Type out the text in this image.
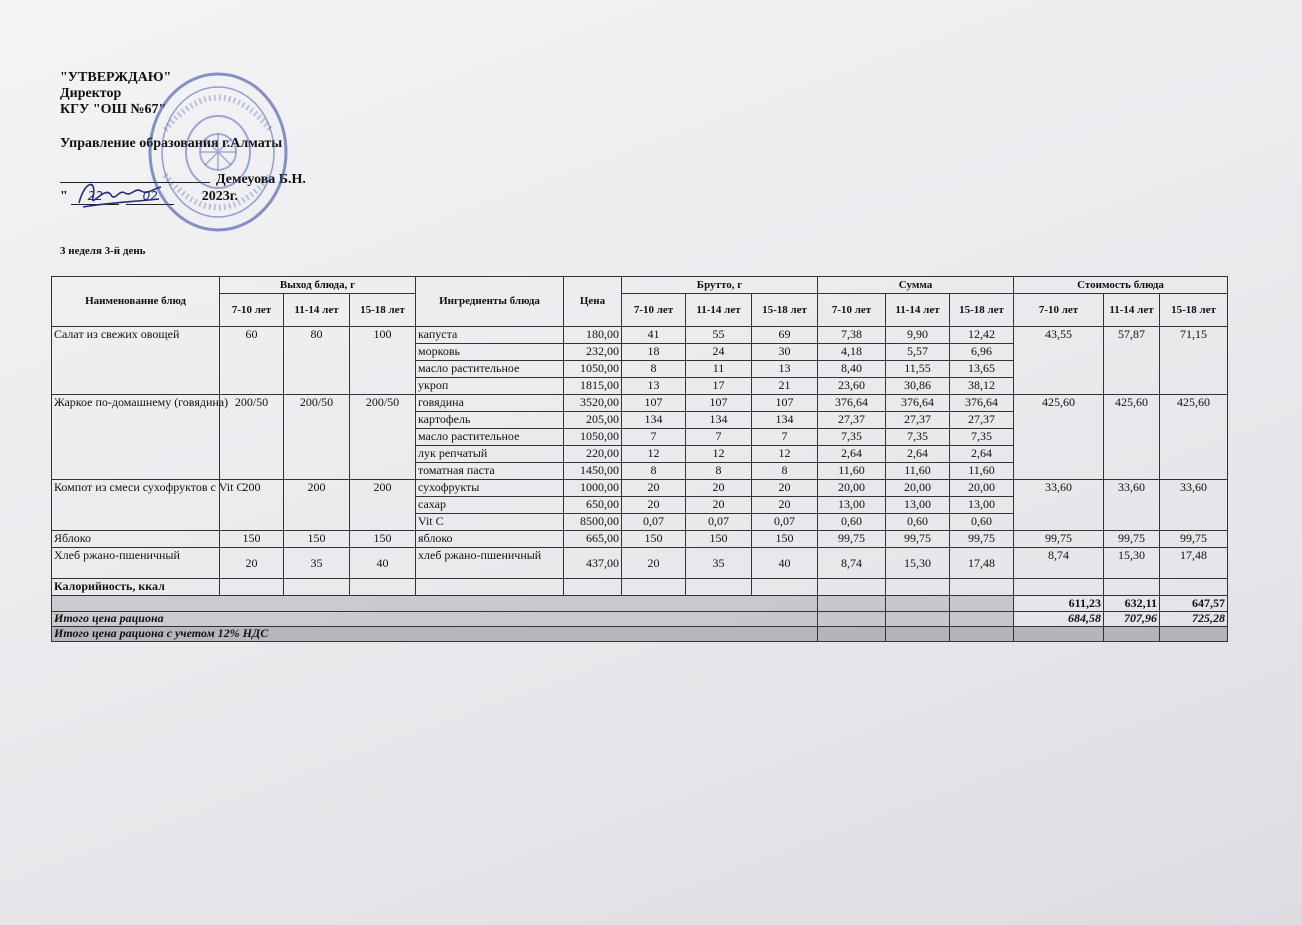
"УТВЕРЖДАЮ"
Директор
КГУ "ОШ №67"
Управление образования г.Алматы
Демеуова Б.Н.
"
	22
	02
	2023г.
3 неделя 3-й день
Наименование блюд	Выход блюда, г			Ингредиенты блюда	Цена	Брутто, г			Сумма			Стоимость блюда		
	7-10 лет	11-14 лет	15-18 лет			7-10 лет	11-14 лет	15-18 лет	7-10 лет	11-14 лет	15-18 лет	7-10 лет	11-14 лет	15-18 лет
Салат из свежих овощей	60	80	100	капуста	180,00	41	55	69	7,38	9,90	12,42	43,55	57,87	71,15
				морковь	232,00	18	24	30	4,18	5,57	6,96			
				масло растительное	1050,00	8	11	13	8,40	11,55	13,65			
				укроп	1815,00	13	17	21	23,60	30,86	38,12			
Жаркое по-домашнему (говядина)	200/50	200/50	200/50	говядина	3520,00	107	107	107	376,64	376,64	376,64	425,60	425,60	425,60
				картофель	205,00	134	134	134	27,37	27,37	27,37			
				масло растительное	1050,00	7	7	7	7,35	7,35	7,35			
				лук репчатый	220,00	12	12	12	2,64	2,64	2,64			
				томатная паста	1450,00	8	8	8	11,60	11,60	11,60			
Компот из смеси сухофруктов с Vit C	200	200	200	сухофрукты	1000,00	20	20	20	20,00	20,00	20,00	33,60	33,60	33,60
				сахар	650,00	20	20	20	13,00	13,00	13,00			
				Vit C	8500,00	0,07	0,07	0,07	0,60	0,60	0,60			
Яблоко	150	150	150	яблоко	665,00	150	150	150	99,75	99,75	99,75	99,75	99,75	99,75
Хлеб ржано-пшеничный	20	35	40	хлеб ржано-пшеничный	437,00	20	35	40	8,74	15,30	17,48	8,74	15,30	17,48
Калорийность, ккал														
												611,23	632,11	647,57
Итого цена рациона												684,58	707,96	725,28
Итого цена рациона с учетом 12% НДС														
